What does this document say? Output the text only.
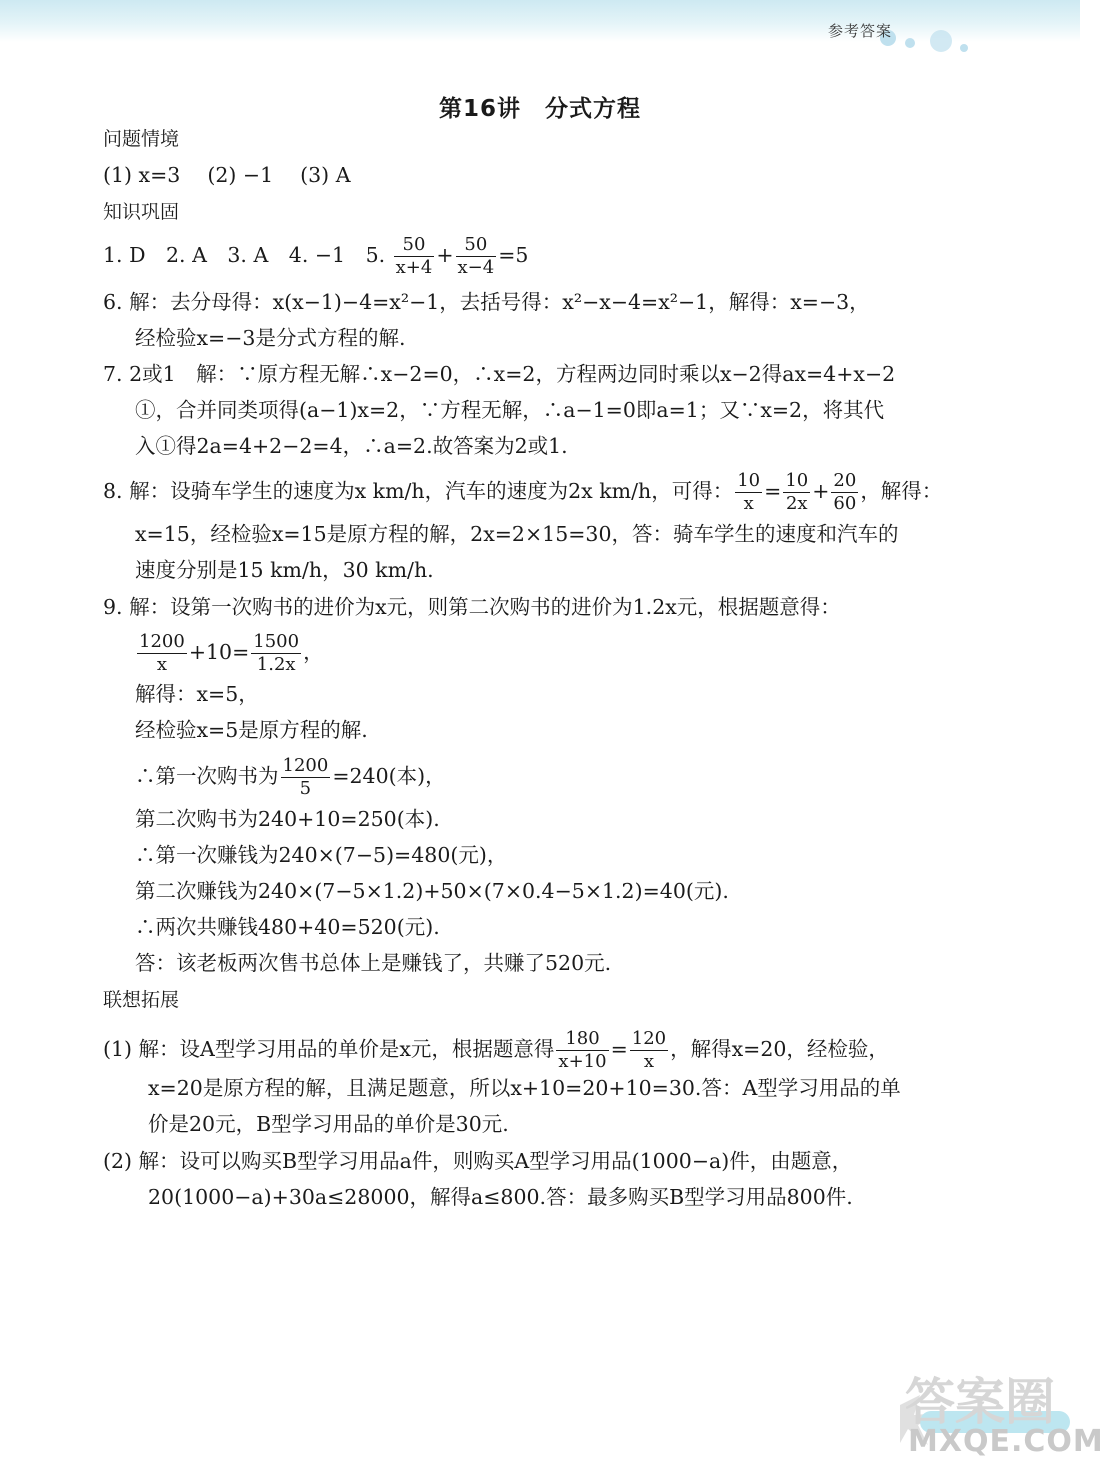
参考答案
第16讲　分式方程
问题情境
(1) x=3　 (2) −1　 (3) A
知识巩固
1. D　2. A　3. A　4. −1　5. $\frac{50}{x+4} + \frac{50}{x-4} =5$
6. 解：去分母得：x(x−1)−4=x²−1，去括号得：x²−x−4=x²−1，解得：x=−3，
经检验x=−3是分式方程的解.
7. 2或1　解：∵原方程无解∴x−2=0，∴x=2，方程两边同时乘以x−2得ax=4+x−2
①，合并同类项得(a−1)x=2，∵方程无解，∴a−1=0即a=1；又∵x=2，将其代
入①得2a=4+2−2=4，∴a=2.故答案为2或1.
8. 解：设骑车学生的速度为x km/h，汽车的速度为2x km/h，可得： $\frac{10}{x} = \frac{10}{2x} + \frac{20}{60}$ ，解得：
x=15，经检验x=15是原方程的解，2x=2×15=30，答：骑车学生的速度和汽车的
速度分别是15 km/h，30 km/h.
9. 解：设第一次购书的进价为x元，则第二次购书的进价为1.2x元，根据题意得：
$\frac{1200}{x} +10= \frac{1500}{1.2x}$ ，
解得：x=5，
经检验x=5是原方程的解.
∴第一次购书为 $\frac{1200}{5} =240$(本)，
第二次购书为240+10=250(本).
∴第一次赚钱为240×(7−5)=480(元)，
第二次赚钱为240×(7−5×1.2)+50×(7×0.4−5×1.2)=40(元).
∴两次共赚钱480+40=520(元).
答：该老板两次售书总体上是赚钱了，共赚了520元.
联想拓展
(1) 解：设A型学习用品的单价是x元，根据题意得 $\frac{180}{x+10} = \frac{120}{x}$ ，解得x=20，经检验，
x=20是原方程的解，且满足题意，所以x+10=20+10=30.答：A型学习用品的单
价是20元，B型学习用品的单价是30元.
(2) 解：设可以购买B型学习用品a件，则购买A型学习用品(1000−a)件，由题意，
20(1000−a)+30a≤28000，解得a≤800.答：最多购买B型学习用品800件.
答案圈
MXQE.COM
